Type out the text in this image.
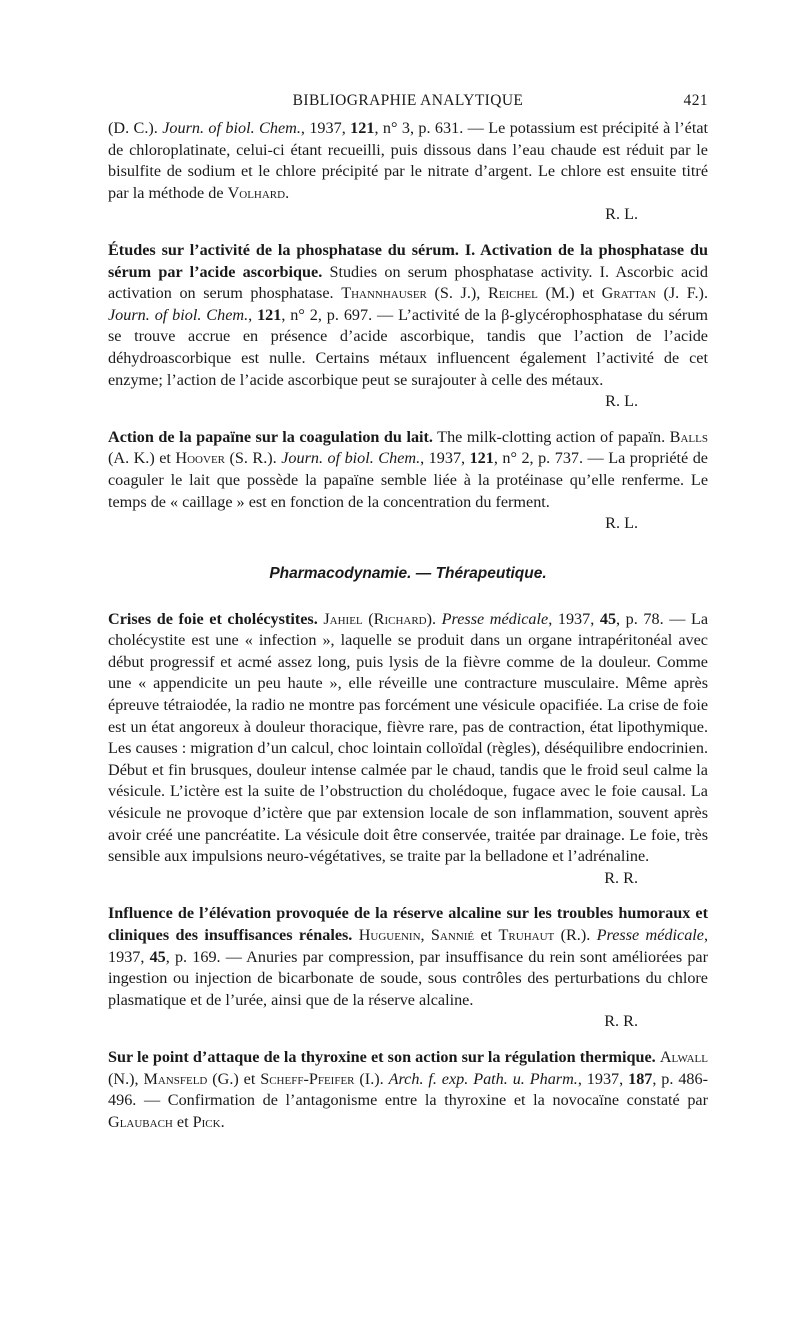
BIBLIOGRAPHIE ANALYTIQUE	421

(D. C.). Journ. of biol. Chem., 1937, 121, n° 3, p. 631. — Le potassium est précipité à l’état de chloroplatinate, celui-ci étant recueilli, puis dissous dans l’eau chaude est réduit par le bisulfite de sodium et le chlore précipité par le nitrate d’argent. Le chlore est ensuite titré par la méthode de Volhard.
R. L.

Études sur l’activité de la phosphatase du sérum. I. Activation de la phosphatase du sérum par l’acide ascorbique. Studies on serum phosphatase activity. I. Ascorbic acid activation on serum phosphatase. Thannhauser (S. J.), Reichel (M.) et Grattan (J. F.). Journ. of biol. Chem., 121, n° 2, p. 697. — L’activité de la β-glycérophosphatase du sérum se trouve accrue en présence d’acide ascorbique, tandis que l’action de l’acide déhydroascorbique est nulle. Certains métaux influencent également l’activité de cet enzyme; l’action de l’acide ascorbique peut se surajouter à celle des métaux.
R. L.

Action de la papaïne sur la coagulation du lait. The milk-clotting action of papaïn. Balls (A. K.) et Hoover (S. R.). Journ. of biol. Chem., 1937, 121, n° 2, p. 737. — La propriété de coaguler le lait que possède la papaïne semble liée à la protéinase qu’elle renferme. Le temps de « caillage » est en fonction de la concentration du ferment.
R. L.

Pharmacodynamie. — Thérapeutique.

Crises de foie et cholécystites. Jahiel (Richard). Presse médicale, 1937, 45, p. 78. — La cholécystite est une « infection », laquelle se produit dans un organe intrapéritonéal avec début progressif et acmé assez long, puis lysis de la fièvre comme de la douleur. Comme une « appendicite un peu haute », elle réveille une contracture musculaire. Même après épreuve tétraiodée, la radio ne montre pas forcément une vésicule opacifiée. La crise de foie est un état angoreux à douleur thoracique, fièvre rare, pas de contraction, état lipothymique. Les causes : migration d’un calcul, choc lointain colloïdal (règles), déséquilibre endocrinien. Début et fin brusques, douleur intense calmée par le chaud, tandis que le froid seul calme la vésicule. L’ictère est la suite de l’obstruction du cholédoque, fugace avec le foie causal. La vésicule ne provoque d’ictère que par extension locale de son inflammation, souvent après avoir créé une pancréatite. La vésicule doit être conservée, traitée par drainage. Le foie, très sensible aux impulsions neuro-végétatives, se traite par la belladone et l’adrénaline.
R. R.

Influence de l’élévation provoquée de la réserve alcaline sur les troubles humoraux et cliniques des insuffisances rénales. Huguenin, Sannié et Truhaut (R.). Presse médicale, 1937, 45, p. 169. — Anuries par compression, par insuffisance du rein sont améliorées par ingestion ou injection de bicarbonate de soude, sous contrôles des perturbations du chlore plasmatique et de l’urée, ainsi que de la réserve alcaline.
R. R.

Sur le point d’attaque de la thyroxine et son action sur la régulation thermique. Alwall (N.), Mansfeld (G.) et Scheff-Pfeifer (I.). Arch. f. exp. Path. u. Pharm., 1937, 187, p. 486-496. — Confirmation de l’antagonisme entre la thyroxine et la novocaïne constaté par Glaubach et Pick.
